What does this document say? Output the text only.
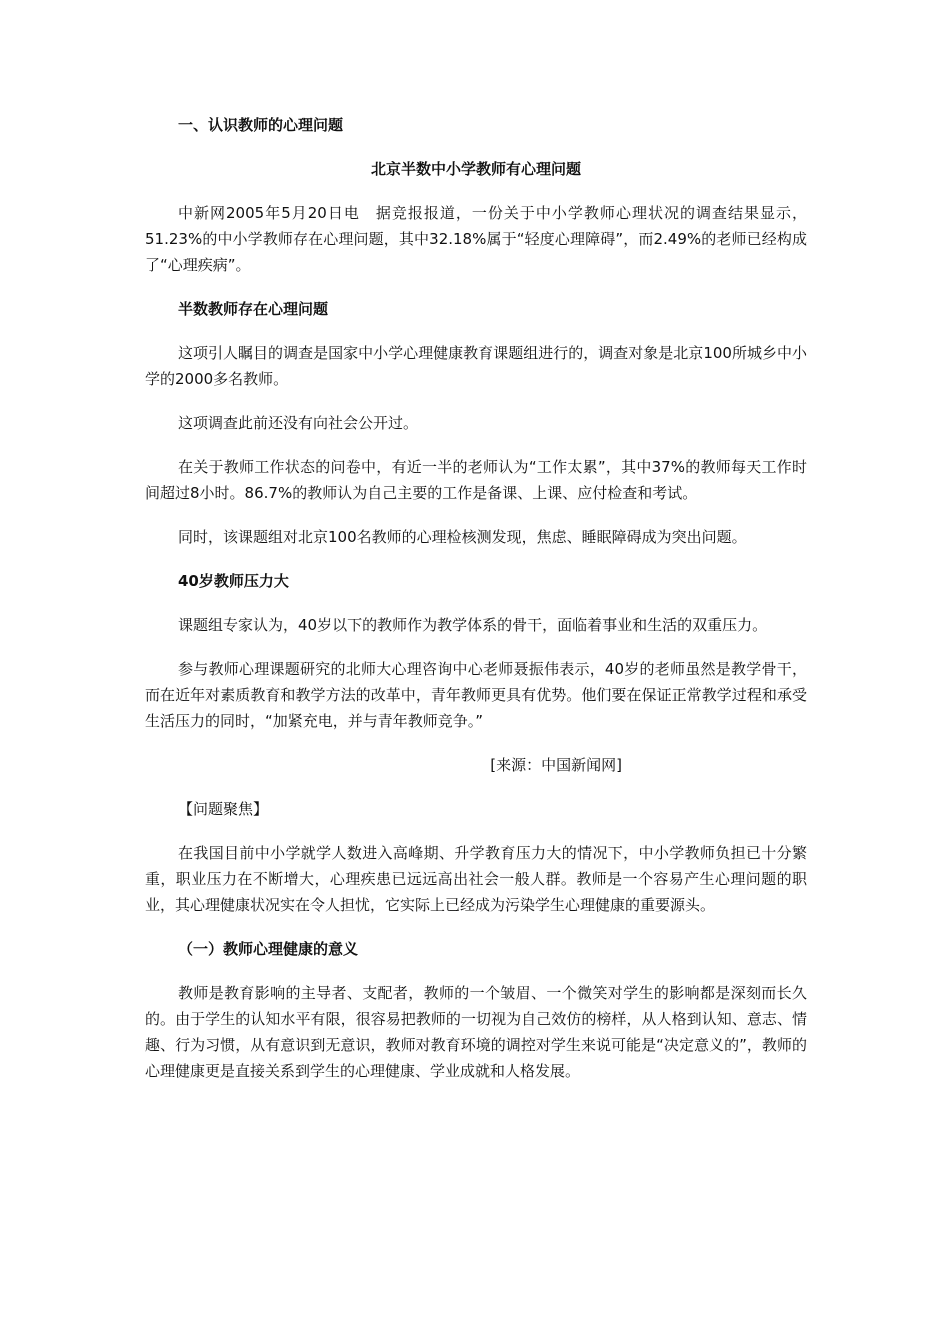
一、认识教师的心理问题
北京半数中小学教师有心理问题

中新网2005年5月20日电　据竞报报道，一份关于中小学教师心理状况的调查结果显示，51.23%的中小学教师存在心理问题，其中32.18%属于“轻度心理障碍”，而2.49%的老师已经构成了“心理疾病”。

半数教师存在心理问题

这项引人瞩目的调查是国家中小学心理健康教育课题组进行的，调查对象是北京100所城乡中小学的2000多名教师。

这项调查此前还没有向社会公开过。

在关于教师工作状态的问卷中，有近一半的老师认为“工作太累”，其中37%的教师每天工作时间超过8小时。86.7%的教师认为自己主要的工作是备课、上课、应付检查和考试。

同时，该课题组对北京100名教师的心理检核测发现，焦虑、睡眠障碍成为突出问题。

40岁教师压力大

课题组专家认为，40岁以下的教师作为教学体系的骨干，面临着事业和生活的双重压力。

参与教师心理课题研究的北师大心理咨询中心老师聂振伟表示，40岁的老师虽然是教学骨干，而在近年对素质教育和教学方法的改革中，青年教师更具有优势。他们要在保证正常教学过程和承受生活压力的同时，“加紧充电，并与青年教师竞争。”

[来源：中国新闻网]

【问题聚焦】

在我国目前中小学就学人数进入高峰期、升学教育压力大的情况下，中小学教师负担已十分繁重，职业压力在不断增大，心理疾患已远远高出社会一般人群。教师是一个容易产生心理问题的职业，其心理健康状况实在令人担忧，它实际上已经成为污染学生心理健康的重要源头。

（一）教师心理健康的意义

教师是教育影响的主导者、支配者，教师的一个皱眉、一个微笑对学生的影响都是深刻而长久的。由于学生的认知水平有限，很容易把教师的一切视为自己效仿的榜样，从人格到认知、意志、情趣、行为习惯，从有意识到无意识，教师对教育环境的调控对学生来说可能是“决定意义的”，教师的心理健康更是直接关系到学生的心理健康、学业成就和人格发展。
